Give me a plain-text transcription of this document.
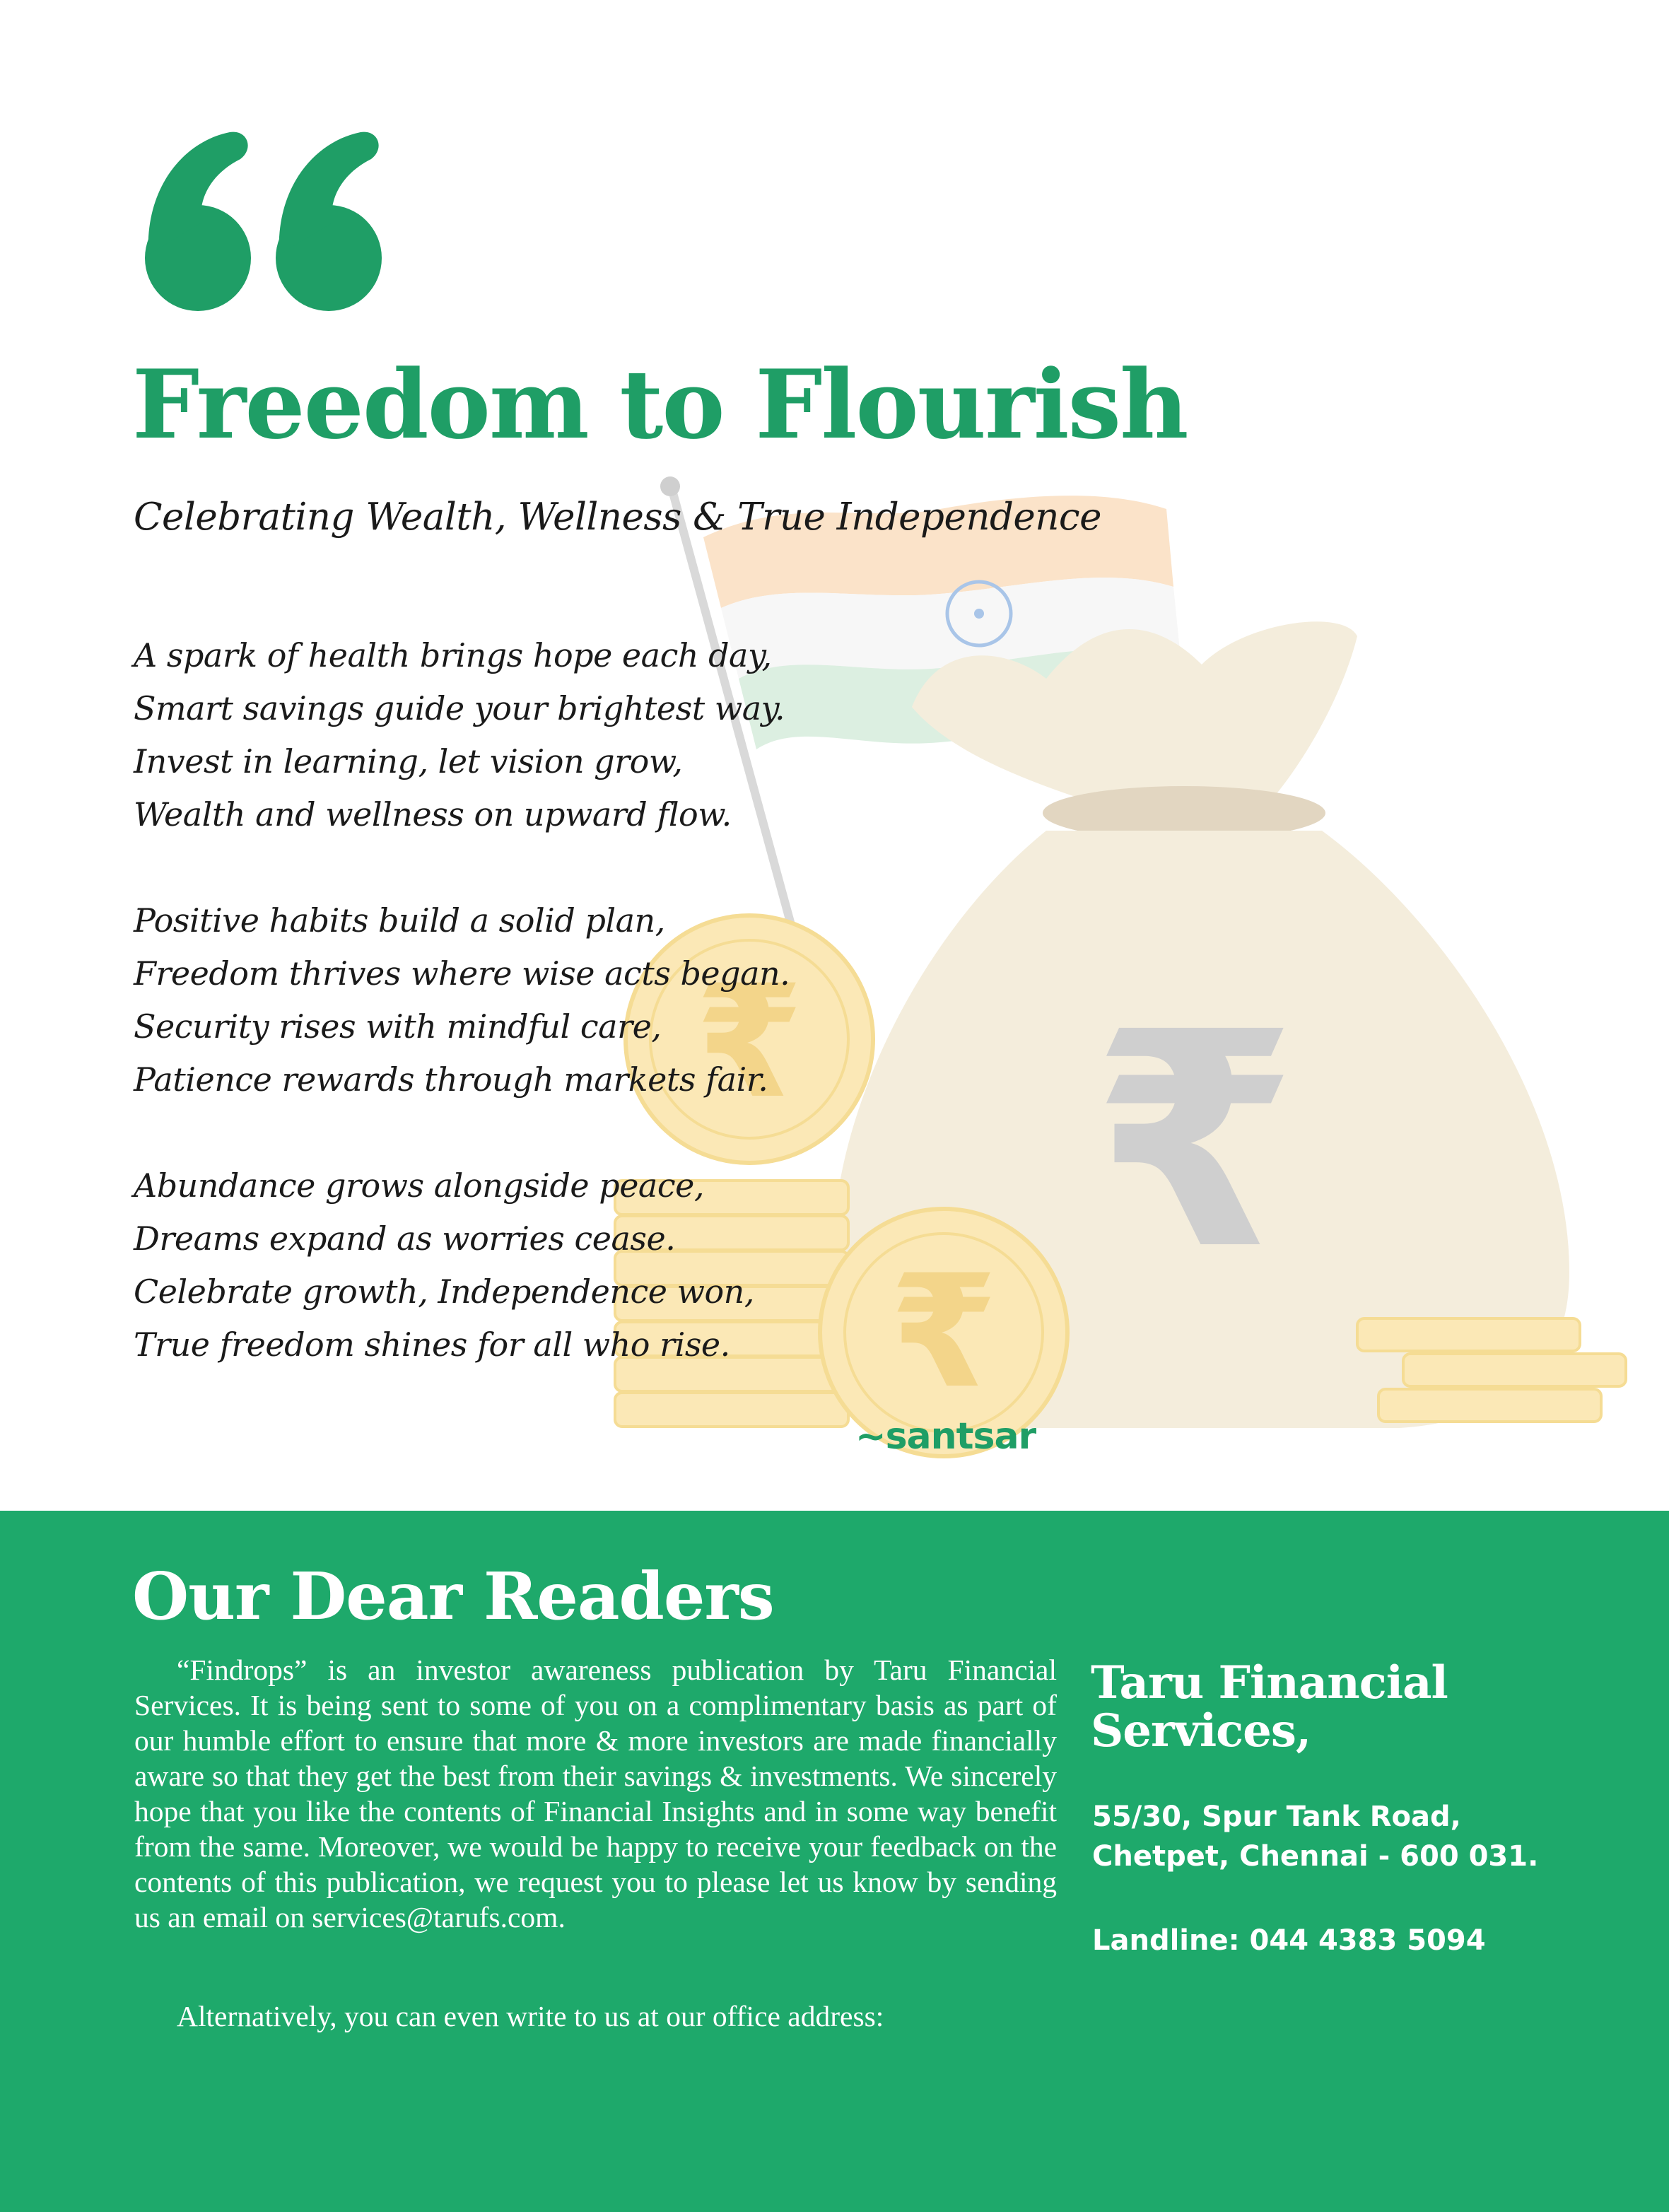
₹
₹
₹
Freedom to Flourish

Celebrating Wealth, Wellness & True Independence

A spark of health brings hope each day,
Smart savings guide your brightest way.
Invest in learning, let vision grow,
Wealth and wellness on upward flow.
Positive habits build a solid plan,
Freedom thrives where wise acts began.
Security rises with mindful care,
Patience rewards through markets fair.
Abundance grows alongside peace,
Dreams expand as worries cease.
Celebrate growth, Independence won,
True freedom shines for all who rise.

~santsar

Our Dear Readers

“Findrops” is an investor awareness publication by Taru Financial Services. It is being sent to some of you on a complimentary basis as part of our humble effort to ensure that more & more investors are made financially aware so that they get the best from their savings & investments. We sincerely hope that you like the contents of Financial Insights and in some way benefit from the same. Moreover, we would be happy to receive your feedback on the contents of this publication, we request you to please let us know by sending us an email on services@tarufs.com.

Alternatively, you can even write to us at our office address:

Taru Financial Services,
55/30, Spur Tank Road,
Chetpet, Chennai - 600 031.

Landline: 044 4383 5094
